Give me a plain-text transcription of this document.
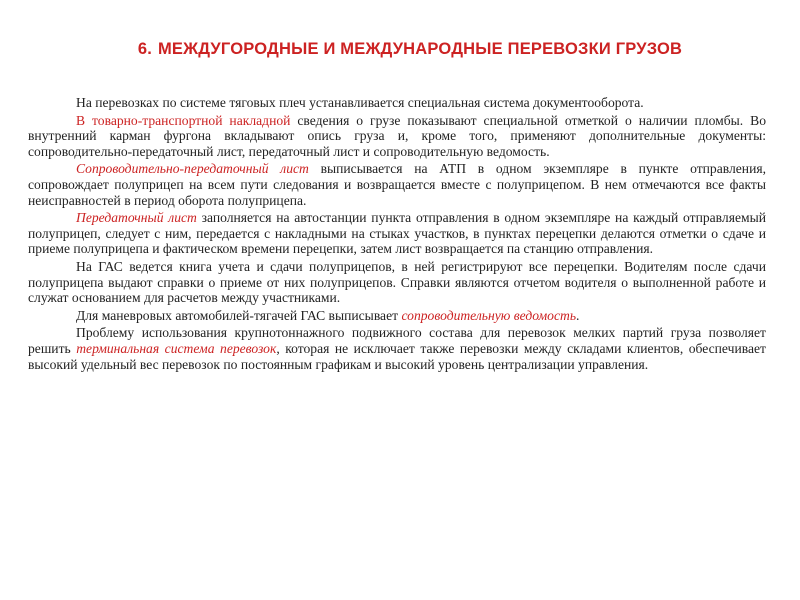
6. МЕЖДУГОРОДНЫЕ И МЕЖДУНАРОДНЫЕ ПЕРЕВОЗКИ ГРУЗОВ

На перевозках по системе тяговых плеч устанавливается специальная система документооборота.

В товарно-транспортной накладной сведения о грузе показывают специальной отметкой о наличии пломбы. Во внутренний карман фургона вкладывают опись груза и, кроме того, применяют дополнительные документы: сопроводительно-передаточный лист, передаточный лист и сопроводительную ведомость.

Сопроводительно-передаточный лист выписывается на АТП в одном экземпляре в пункте отправления, сопровождает полуприцеп на всем пути следования и возвращается вместе с полуприцепом. В нем отмечаются все факты неисправностей в период оборота полуприцепа.

Передаточный лист заполняется на автостанции пункта отправления в одном экземпляре на каждый отправляемый полуприцеп, следует с ним, передается с накладными на стыках участков, в пунктах перецепки делаются отметки о сдаче и приеме полуприцепа и фактическом времени перецепки, затем лист возвращается па станцию отправления.

На ГАС ведется книга учета и сдачи полуприцепов, в ней регистрируют все перецепки. Водителям после сдачи полуприцепа выдают справки о приеме от них полуприцепов. Справки являются отчетом водителя о выполненной работе и служат основанием для расчетов между участниками.

Для маневровых автомобилей-тягачей ГАС выписывает сопроводительную ведомость.

Проблему использования крупнотоннажного подвижного состава для перевозок мелких партий груза позволяет решить терминальная система перевозок, которая не исключает также перевозки между складами клиентов, обеспечивает высокий удельный вес перевозок по постоянным графикам и высокий уровень централизации управления.
